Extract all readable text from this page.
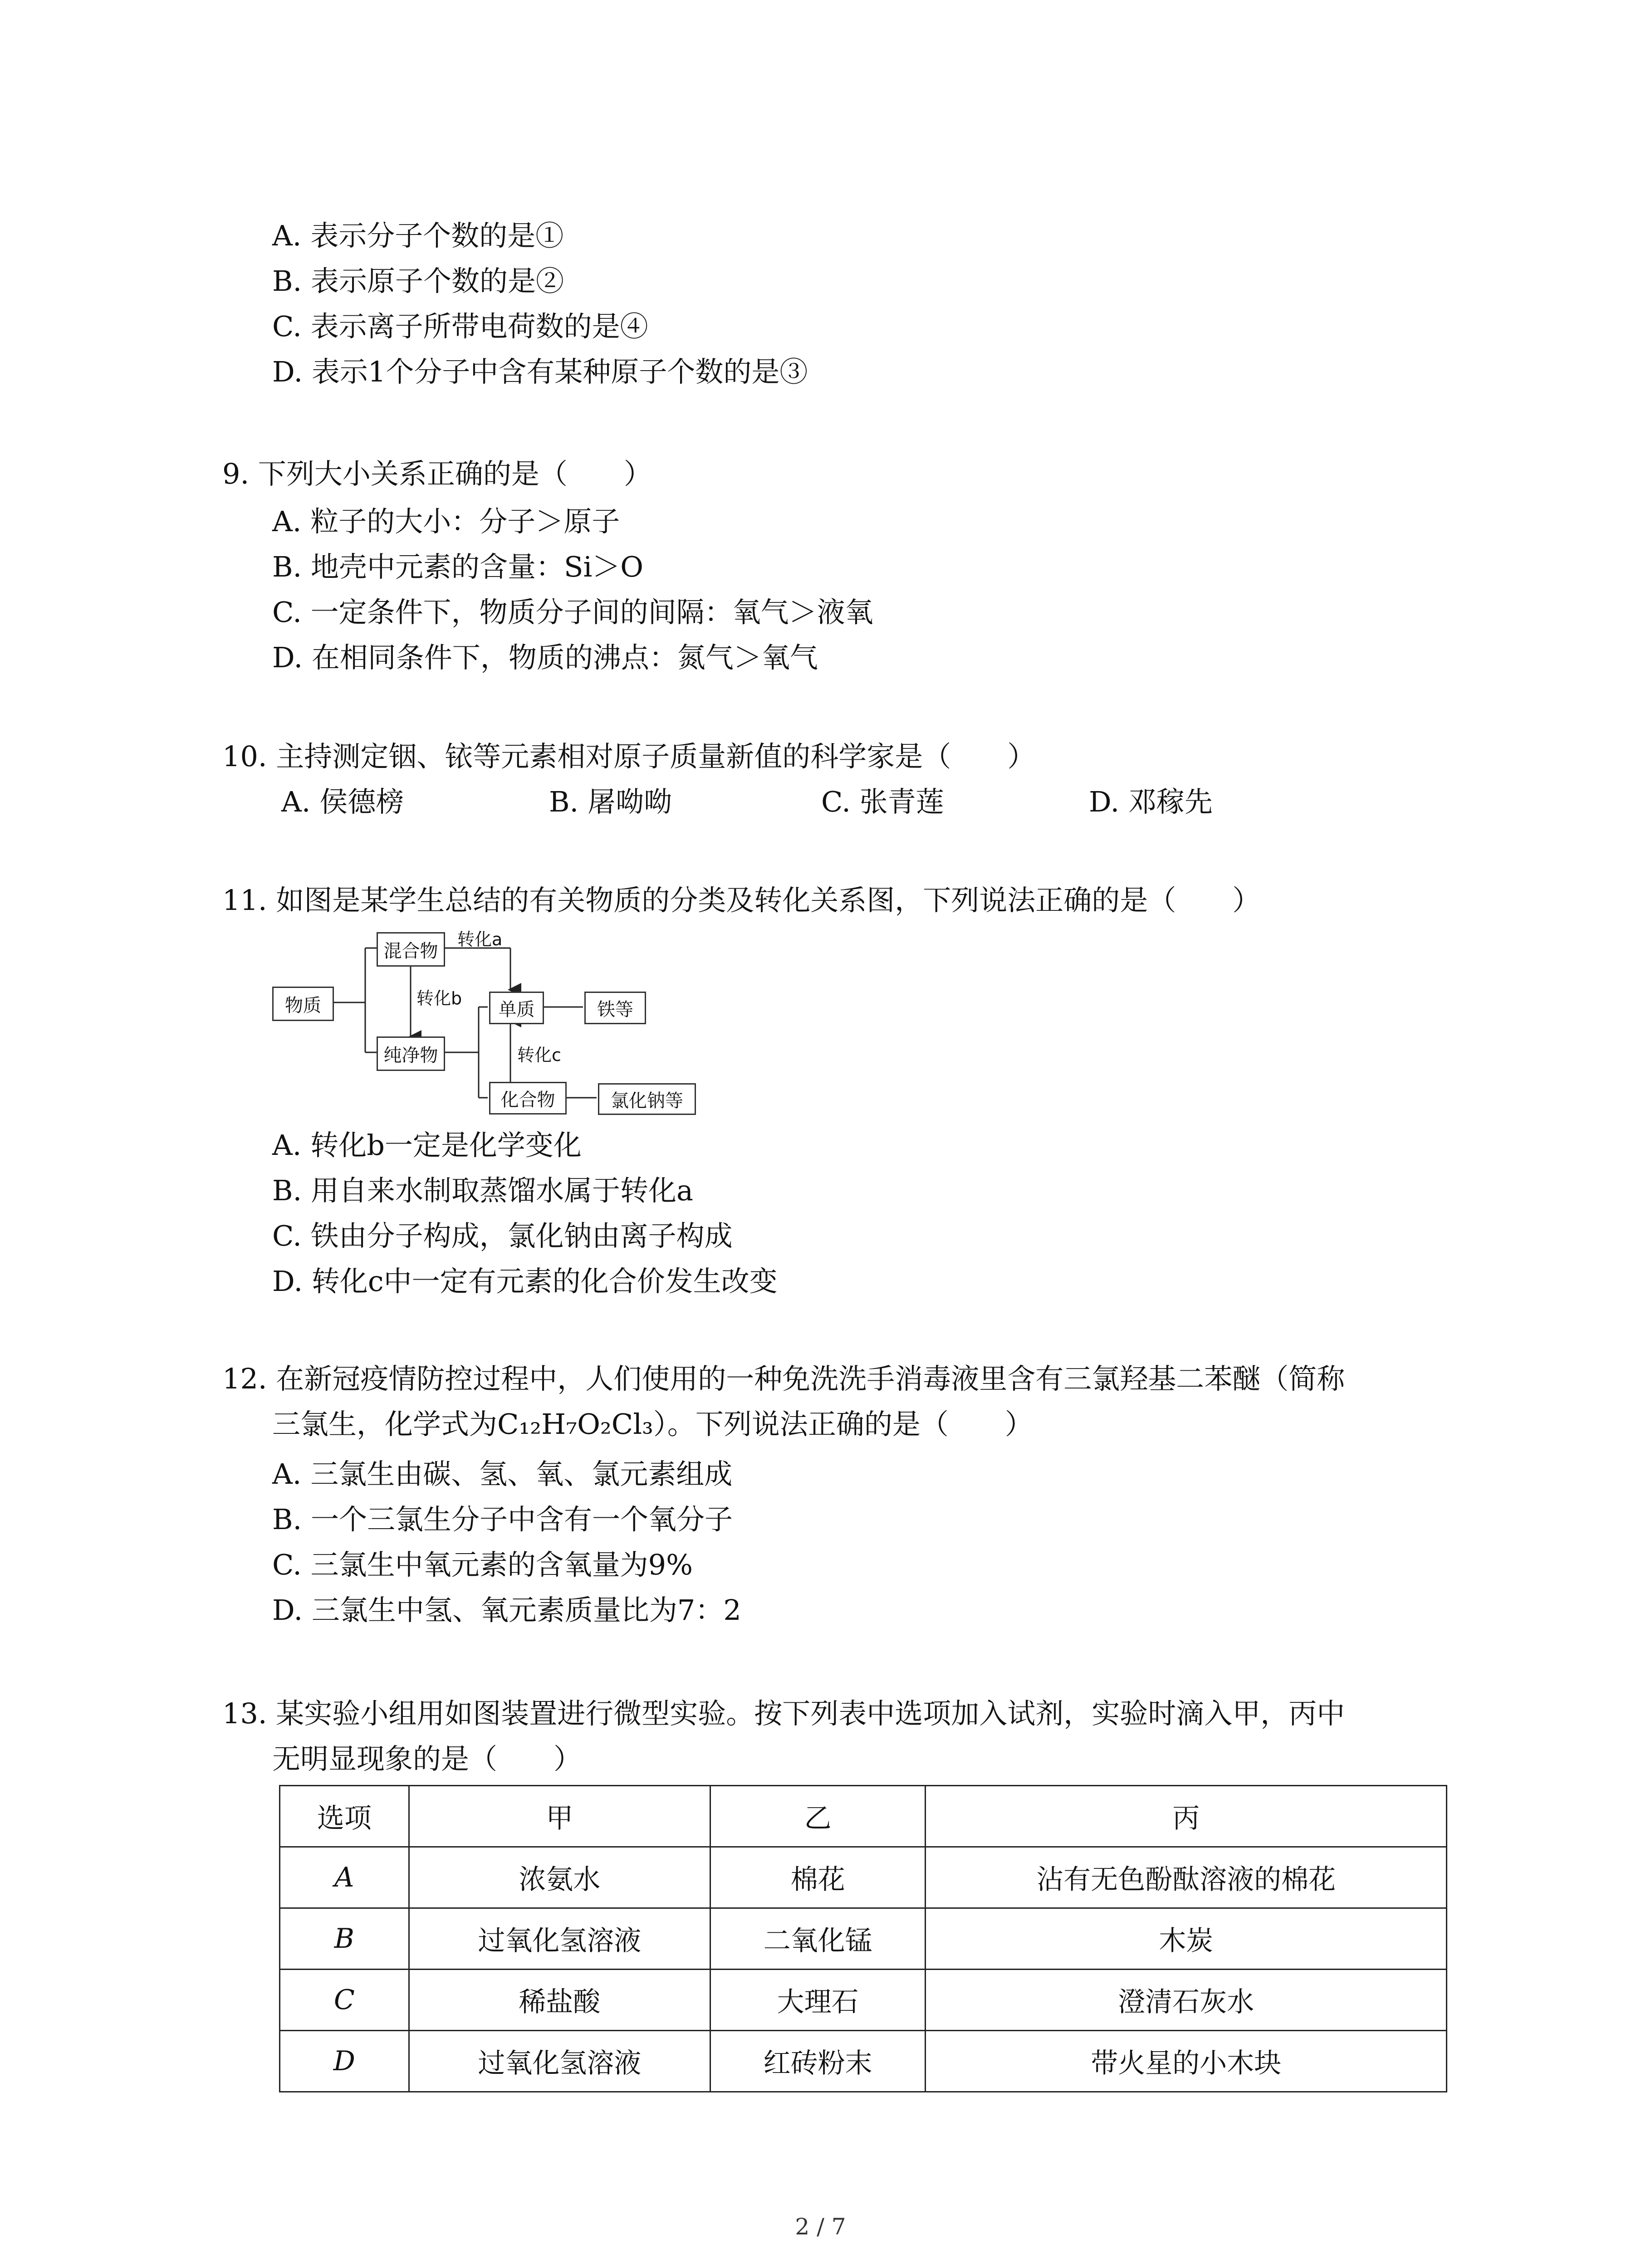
A. 表示分子个数的是①
B. 表示原子个数的是②
C. 表示离子所带电荷数的是④
D. 表示1个分子中含有某种原子个数的是③
9. 下列大小关系正确的是（　　）
A. 粒子的大小：分子＞原子
B. 地壳中元素的含量：Si＞O
C. 一定条件下，物质分子间的间隔：氧气＞液氧
D. 在相同条件下，物质的沸点：氮气＞氧气
10. 主持测定铟、铱等元素相对原子质量新值的科学家是（　　）
A. 侯德榜	B. 屠呦呦	C. 张青莲	D. 邓稼先
11. 如图是某学生总结的有关物质的分类及转化关系图，下列说法正确的是（　　）
物质
混合物
纯净物
单质
化合物
铁等
氯化钠等
转化a
转化b
转化c
A. 转化b一定是化学变化
B. 用自来水制取蒸馏水属于转化a
C. 铁由分子构成，氯化钠由离子构成
D. 转化c中一定有元素的化合价发生改变
12. 在新冠疫情防控过程中，人们使用的一种免洗洗手消毒液里含有三氯羟基二苯醚（简称
三氯生，化学式为C₁₂H₇O₂Cl₃）。下列说法正确的是（　　）
A. 三氯生由碳、氢、氧、氯元素组成
B. 一个三氯生分子中含有一个氧分子
C. 三氯生中氧元素的含氧量为9%
D. 三氯生中氢、氧元素质量比为7：2
13. 某实验小组用如图装置进行微型实验。按下列表中选项加入试剂，实验时滴入甲，丙中
无明显现象的是（　　）
选项	甲	乙	丙
A	浓氨水	棉花	沾有无色酚酞溶液的棉花
B	过氧化氢溶液	二氧化锰	木炭
C	稀盐酸	大理石	澄清石灰水
D	过氧化氢溶液	红砖粉末	带火星的小木块
2 / 7
